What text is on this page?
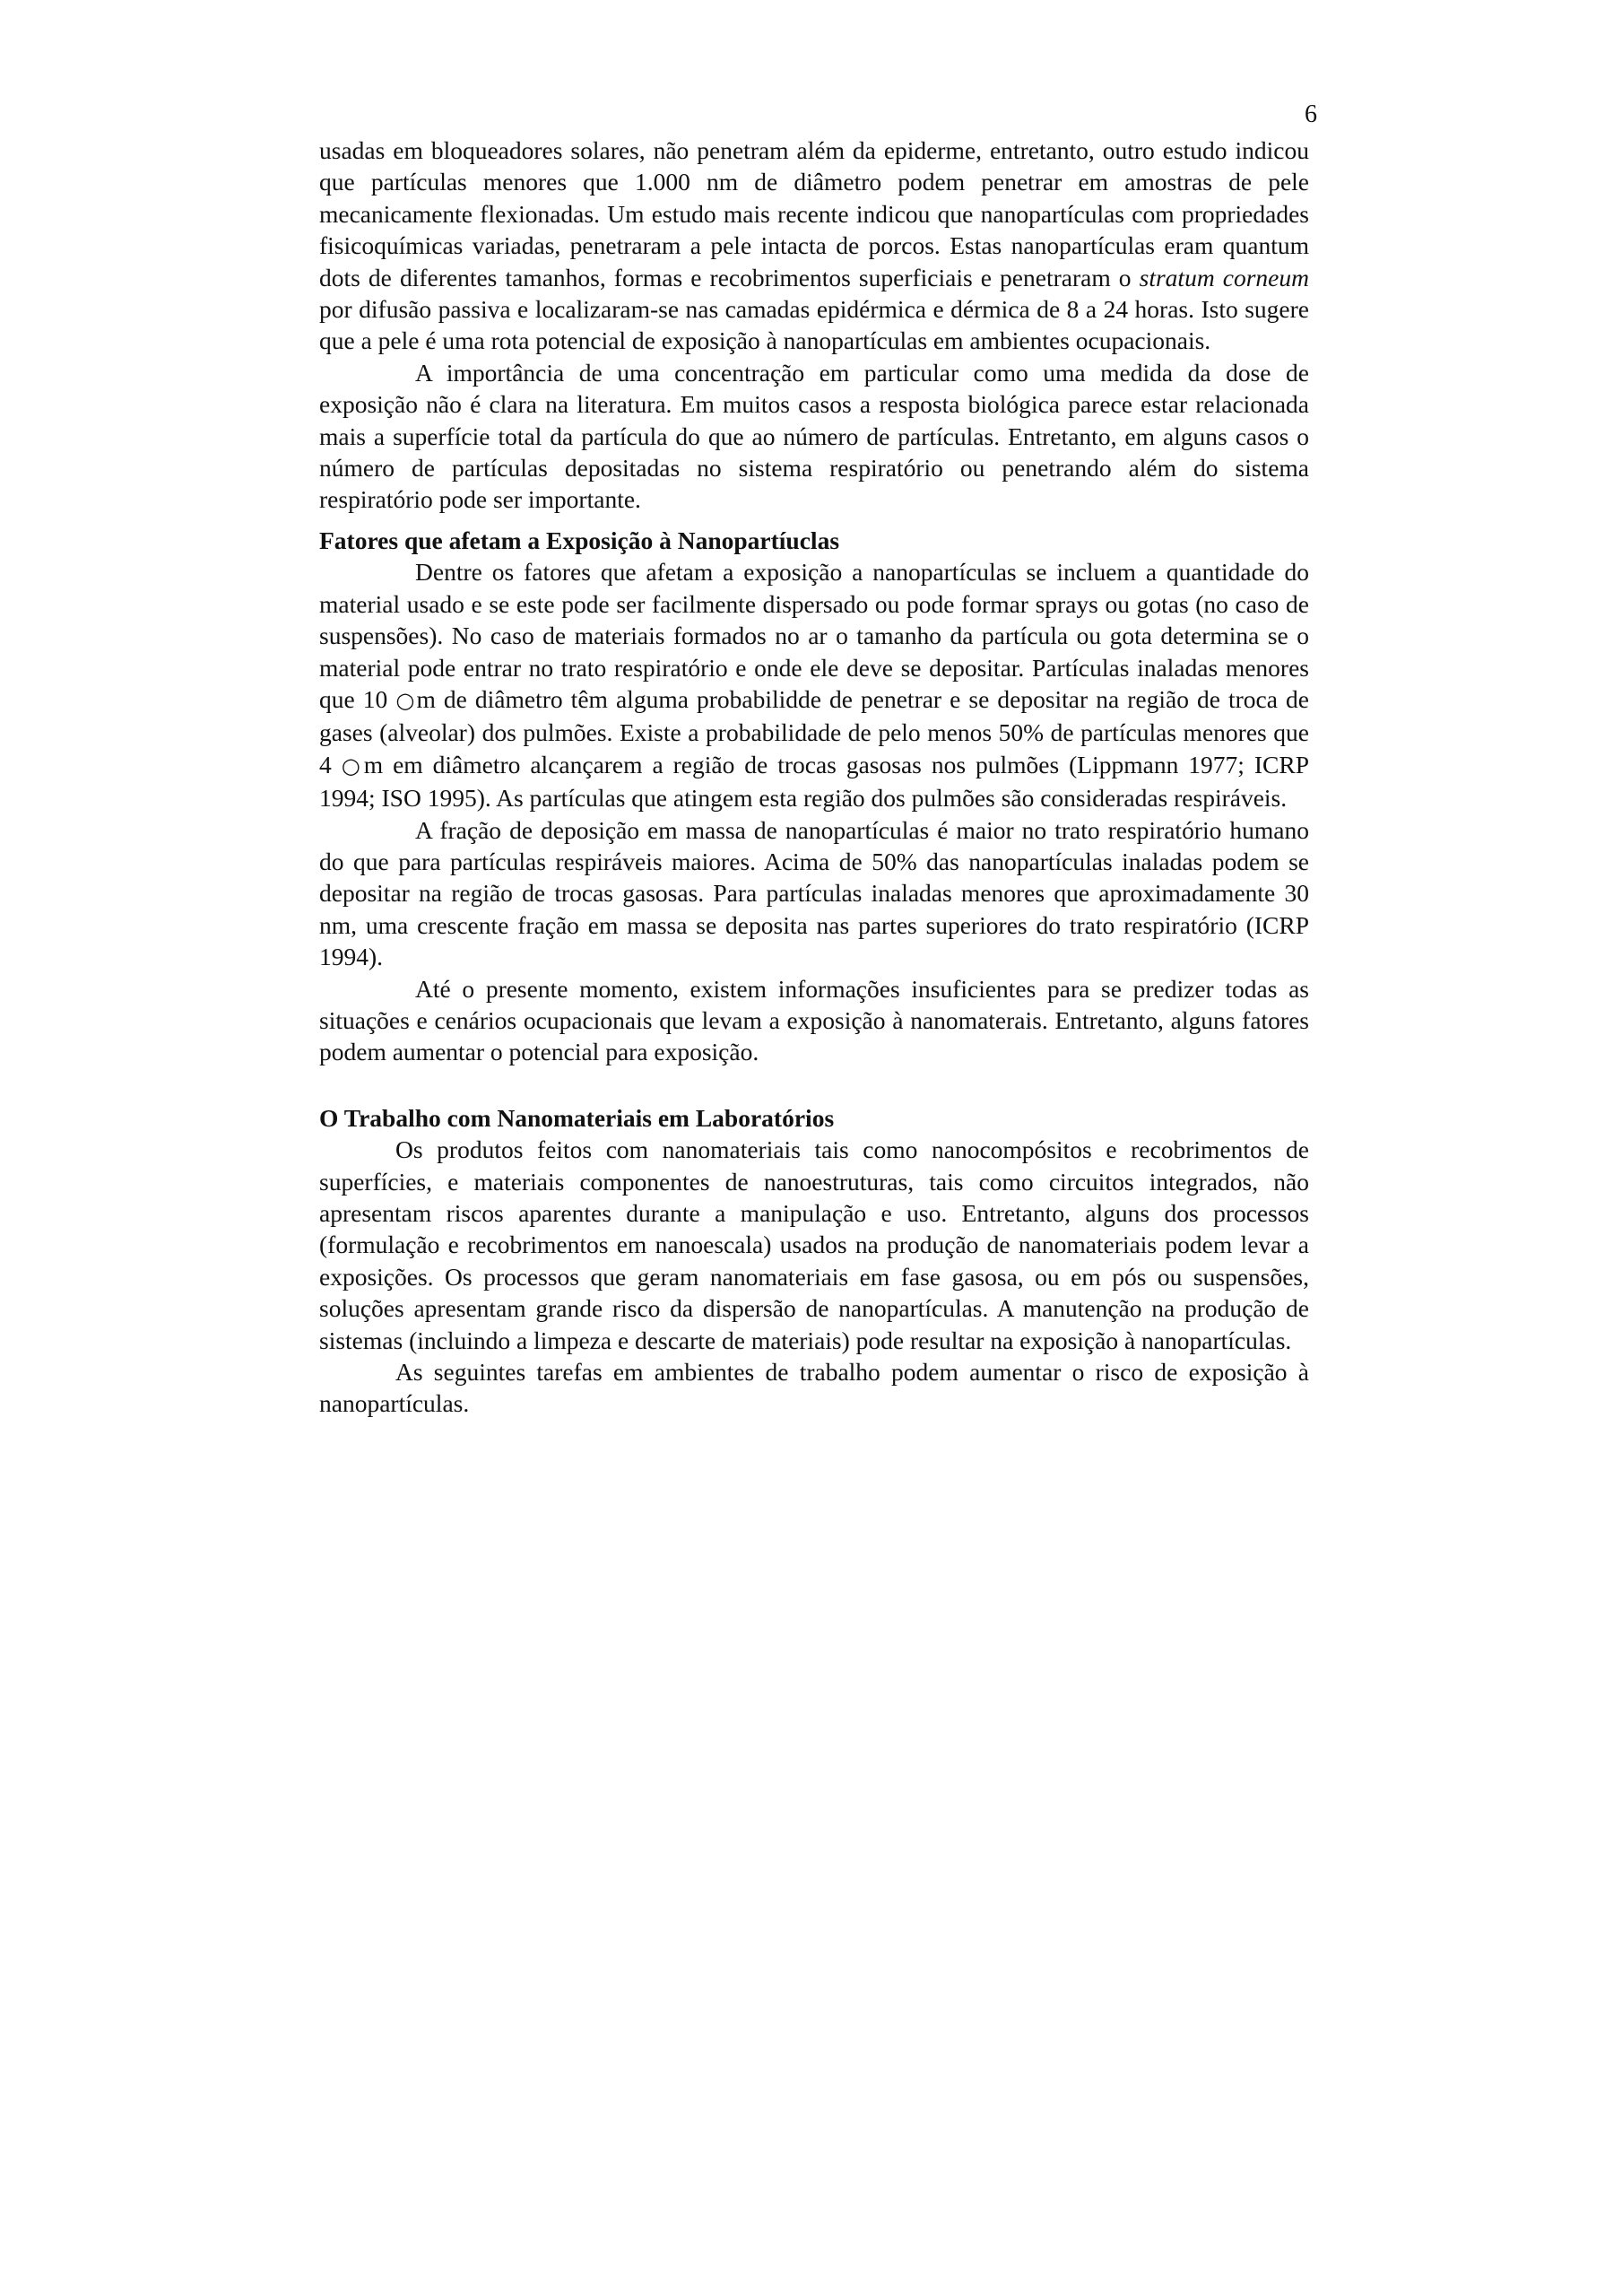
6

usadas em bloqueadores solares, não penetram além da epiderme, entretanto, outro estudo indicou que partículas menores que 1.000 nm de diâmetro podem penetrar em amostras de pele mecanicamente flexionadas. Um estudo mais recente indicou que nanopartículas com propriedades fisicoquímicas variadas, penetraram a pele intacta de porcos. Estas nanopartículas eram quantum dots de diferentes tamanhos, formas e recobrimentos superficiais e penetraram o stratum corneum por difusão passiva e localizaram-se nas camadas epidérmica e dérmica de 8 a 24 horas. Isto sugere que a pele é uma rota potencial de exposição à nanopartículas em ambientes ocupacionais.

A importância de uma concentração em particular como uma medida da dose de exposição não é clara na literatura. Em muitos casos a resposta biológica parece estar relacionada mais a superfície total da partícula do que ao número de partículas. Entretanto, em alguns casos o número de partículas depositadas no sistema respiratório ou penetrando além do sistema respiratório pode ser importante.

Fatores que afetam a Exposição à Nanopartíuclas

Dentre os fatores que afetam a exposição a nanopartículas se incluem a quantidade do material usado e se este pode ser facilmente dispersado ou pode formar sprays ou gotas (no caso de suspensões). No caso de materiais formados no ar o tamanho da partícula ou gota determina se o material pode entrar no trato respiratório e onde ele deve se depositar. Partículas inaladas menores que 10 ○m de diâmetro têm alguma probabilidde de penetrar e se depositar na região de troca de gases (alveolar) dos pulmões. Existe a probabilidade de pelo menos 50% de partículas menores que 4 ○m em diâmetro alcançarem a região de trocas gasosas nos pulmões (Lippmann 1977; ICRP 1994; ISO 1995). As partículas que atingem esta região dos pulmões são consideradas respiráveis.

A fração de deposição em massa de nanopartículas é maior no trato respiratório humano do que para partículas respiráveis maiores. Acima de 50% das nanopartículas inaladas podem se depositar na região de trocas gasosas. Para partículas inaladas menores que aproximadamente 30 nm, uma crescente fração em massa se deposita nas partes superiores do trato respiratório (ICRP 1994).

Até o presente momento, existem informações insuficientes para se predizer todas as situações e cenários ocupacionais que levam a exposição à nanomaterais. Entretanto, alguns fatores podem aumentar o potencial para exposição.

O Trabalho com Nanomateriais em Laboratórios

Os produtos feitos com nanomateriais tais como nanocompósitos e recobrimentos de superfícies, e materiais componentes de nanoestruturas, tais como circuitos integrados, não apresentam riscos aparentes durante a manipulação e uso. Entretanto, alguns dos processos (formulação e recobrimentos em nanoescala) usados na produção de nanomateriais podem levar a exposições. Os processos que geram nanomateriais em fase gasosa, ou em pós ou suspensões, soluções apresentam grande risco da dispersão de nanopartículas. A manutenção na produção de sistemas (incluindo a limpeza e descarte de materiais) pode resultar na exposição à nanopartículas.

As seguintes tarefas em ambientes de trabalho podem aumentar o risco de exposição à nanopartículas.
